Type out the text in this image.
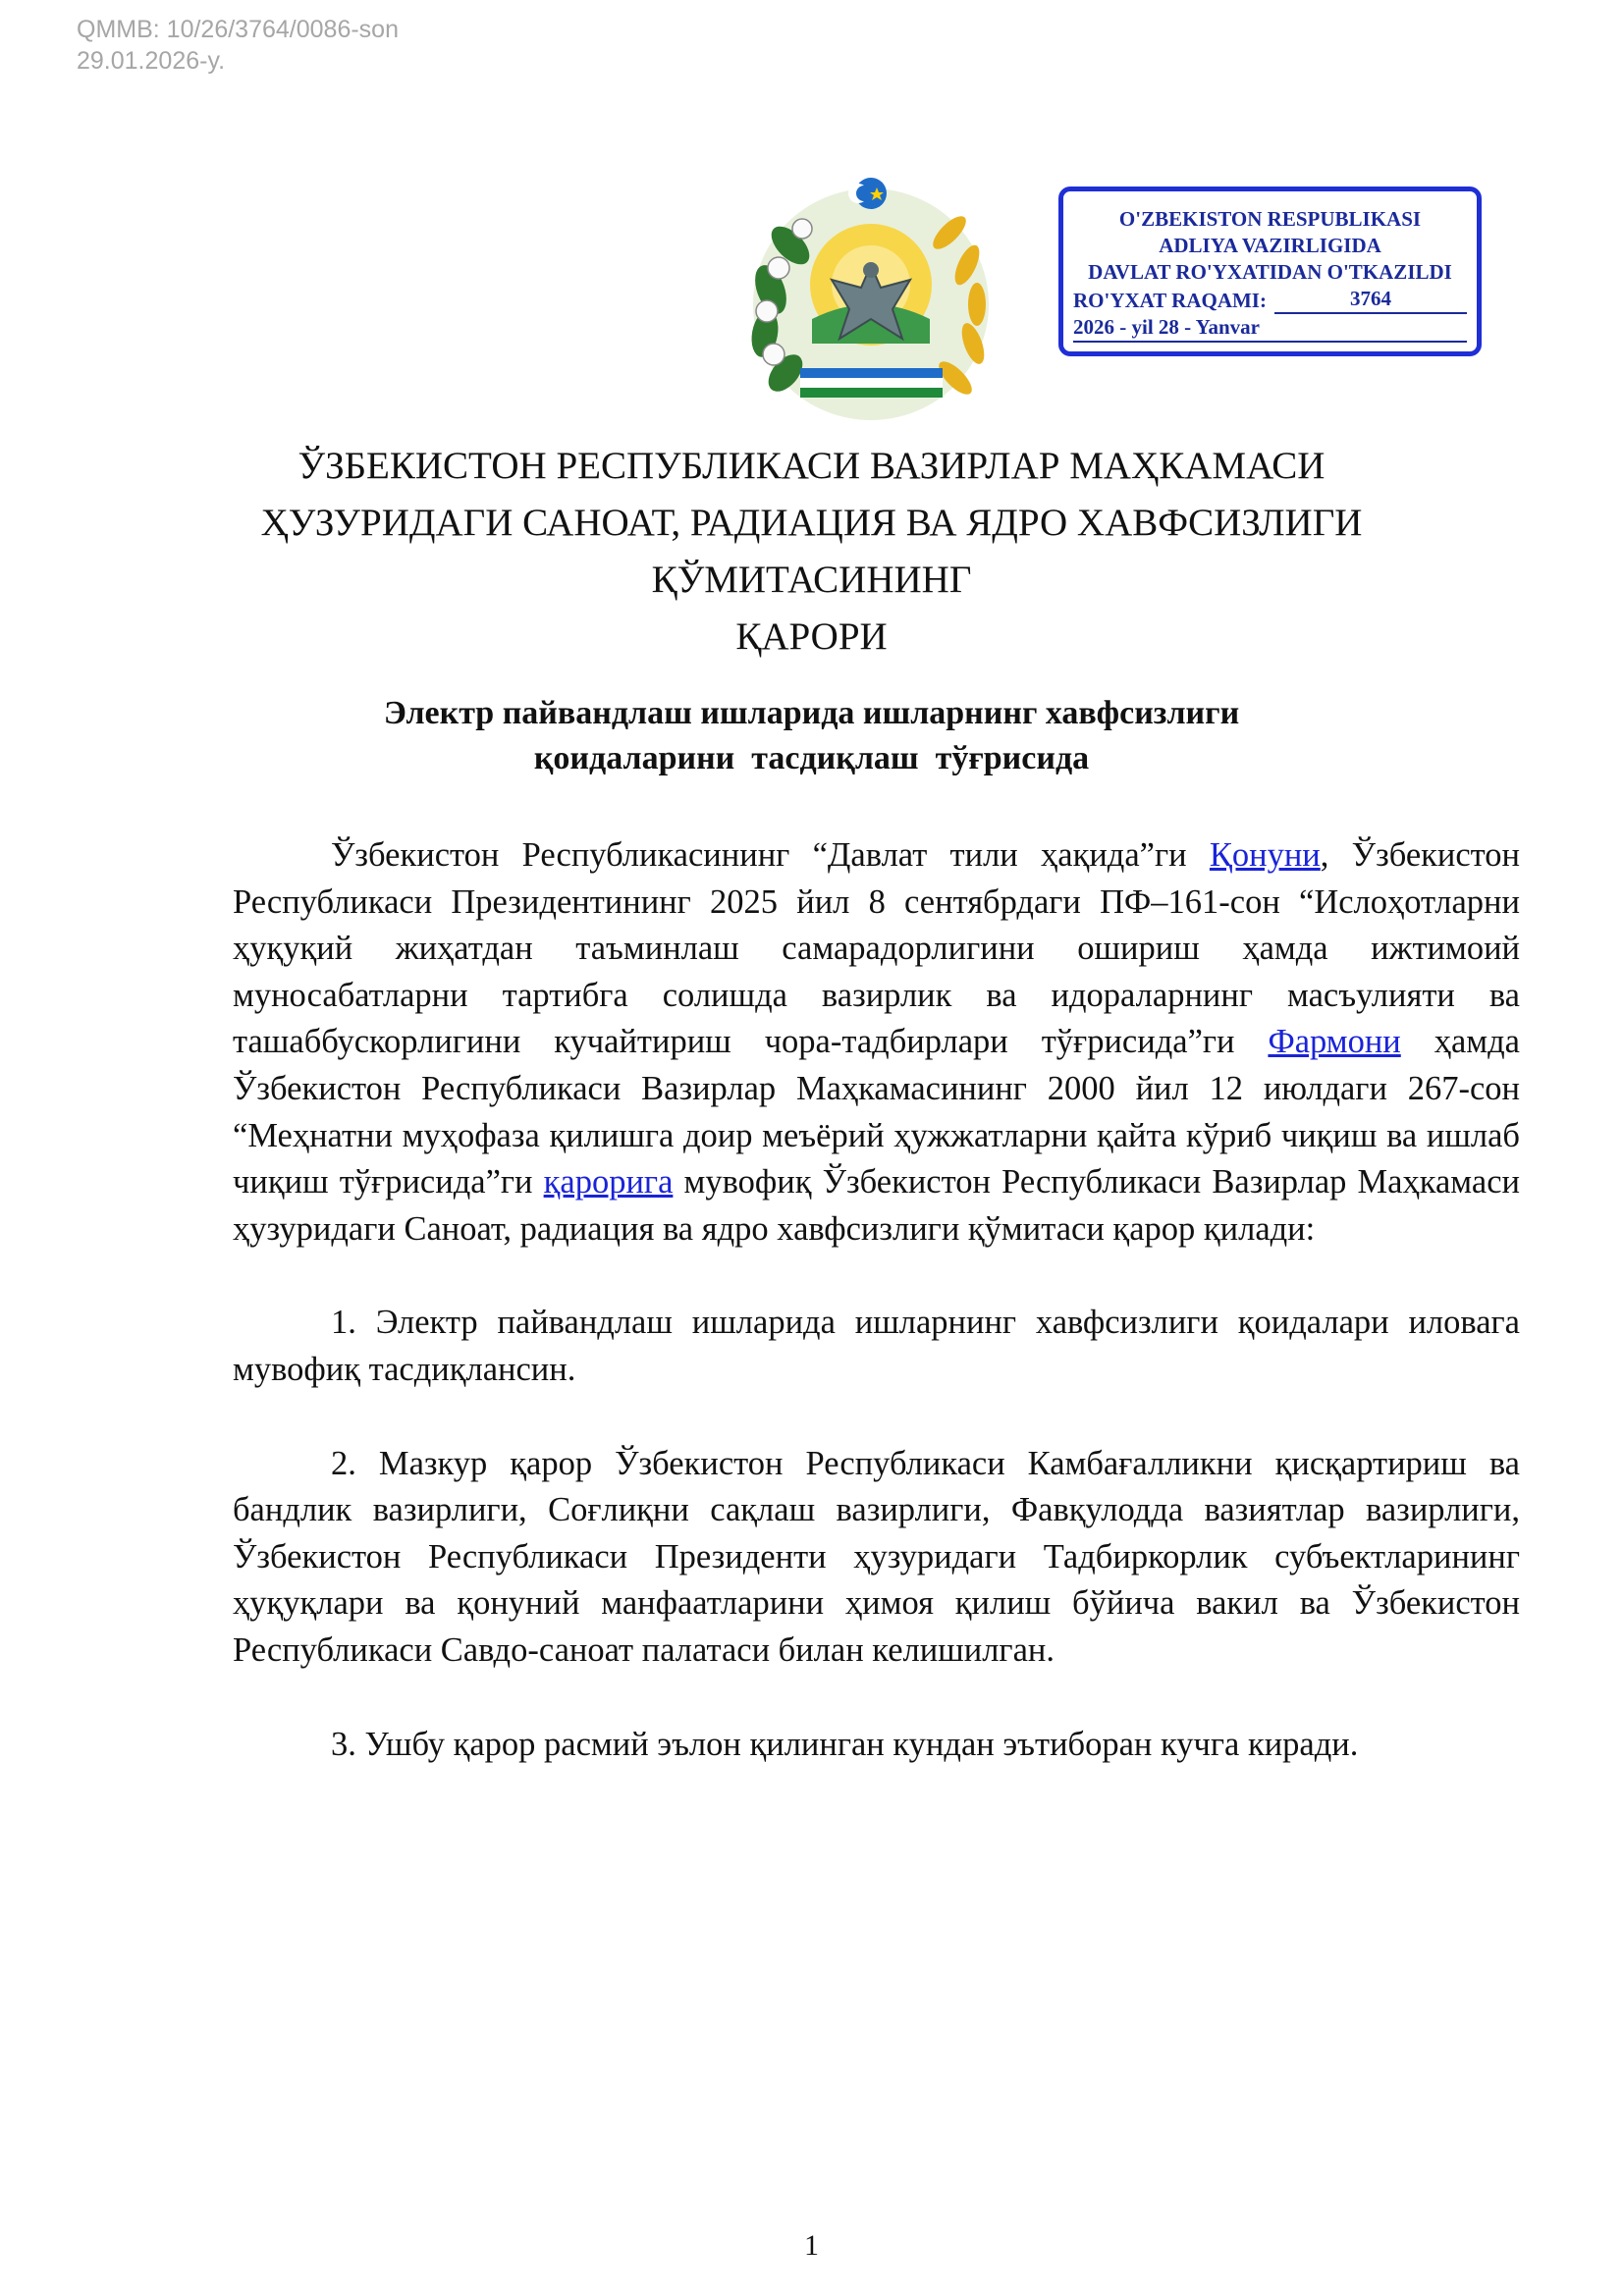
QMMB: 10/26/3764/0086-son
29.01.2026-y.
O'ZBEKISTON RESPUBLIKASI
ADLIYA VAZIRLIGIDA
DAVLAT RO'YXATIDAN O'TKAZILDI
RO'YXAT RAQAMI:	3764
2026 - yil 28 - Yanvar
ЎЗБЕКИСТОН РЕСПУБЛИКАСИ ВАЗИРЛАР МАҲКАМАСИ
ҲУЗУРИДАГИ САНОАТ, РАДИАЦИЯ ВА ЯДРО ХАВФСИЗЛИГИ
ҚЎМИТАСИНИНГ
ҚАРОРИ
Электр пайвандлаш ишларида ишларнинг хавфсизлиги
қоидаларини  тасдиқлаш  тўғрисида

Ўзбекистон Республикасининг “Давлат тили ҳақида”ги Қонуни, Ўзбекистон Республикаси Президентининг 2025 йил 8 сентябрдаги ПФ–161-сон “Ислоҳотларни ҳуқуқий жиҳатдан таъминлаш самарадорлигини ошириш ҳамда ижтимоий муносабатларни тартибга солишда вазирлик ва идораларнинг масъулияти ва ташаббускорлигини кучайтириш чора-тадбирлари тўғрисида”ги Фармони ҳамда Ўзбекистон Республикаси Вазирлар Маҳкамасининг 2000 йил 12 июлдаги 267-сон “Меҳнатни муҳофаза қилишга доир меъёрий ҳужжатларни қайта кўриб чиқиш ва ишлаб чиқиш тўғрисида”ги қарорига мувофиқ Ўзбекистон Республикаси Вазирлар Маҳкамаси ҳузуридаги Саноат, радиация ва ядро хавфсизлиги қўмитаси қарор қилади:

1. Электр пайвандлаш ишларида ишларнинг хавфсизлиги қоидалари иловага мувофиқ тасдиқлансин.

2. Мазкур қарор Ўзбекистон Республикаси Камбағалликни қисқартириш ва бандлик вазирлиги, Соғлиқни сақлаш вазирлиги, Фавқулодда вазиятлар вазирлиги, Ўзбекистон Республикаси Президенти ҳузуридаги Тадбиркорлик субъектларининг ҳуқуқлари ва қонуний манфаатларини ҳимоя қилиш бўйича вакил ва Ўзбекистон Республикаси Савдо-саноат палатаси билан келишилган.

3. Ушбу қарор расмий эълон қилинган кундан эътиборан кучга киради.

1
